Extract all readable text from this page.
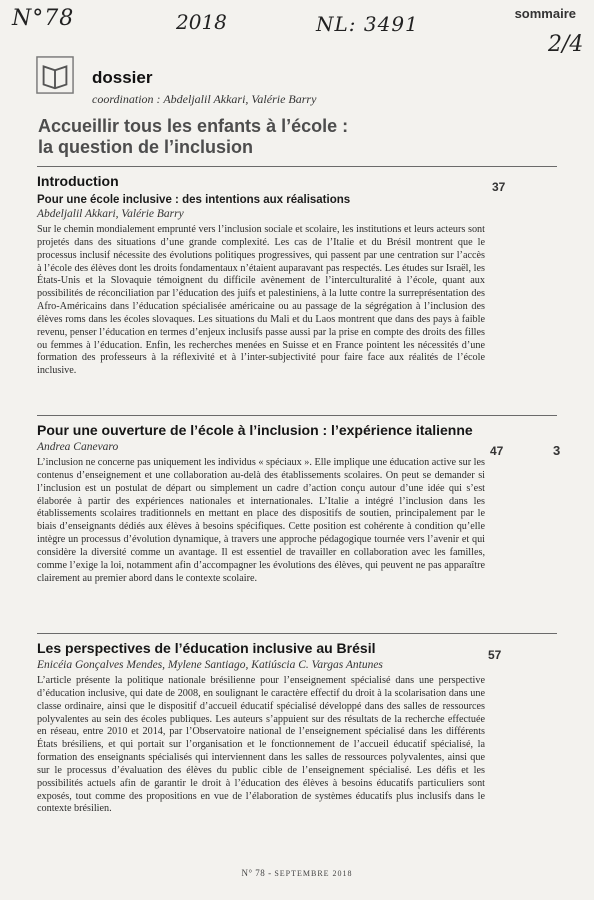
N°78	2018	NL: 3491
2/4
sommaire
dossier
coordination : Abdeljalil Akkari, Valérie Barry
Accueillir tous les enfants à l’école :
la question de l’inclusion
Introduction
Pour une école inclusive : des intentions aux réalisations
Abdeljalil Akkari, Valérie Barry
Sur le chemin mondialement emprunté vers l’inclusion sociale et scolaire, les institutions et leurs acteurs sont projetés dans des situations d’une grande complexité. Les cas de l’Italie et du Brésil montrent que le processus inclusif nécessite des évolutions politiques progressives, qui passent par une centration sur l’accès à l’école des élèves dont les droits fondamentaux n’étaient auparavant pas respectés. Les études sur Israël, les États-Unis et la Slovaquie témoignent du difficile avènement de l’interculturalité à l’école, quant aux possibilités de réconciliation par l’éducation des juifs et palestiniens, à la lutte contre la surreprésentation des Afro-Américains dans l’éducation spécialisée américaine ou au passage de la ségrégation à l’inclusion des élèves roms dans les écoles slovaques. Les situations du Mali et du Laos montrent que dans des pays à faible revenu, penser l’éducation en termes d’enjeux inclusifs passe aussi par la prise en compte des droits des filles ou femmes à l’éducation. Enfin, les recherches menées en Suisse et en France pointent les nécessités d’une formation des professeurs à la réflexivité et à l’inter-subjectivité pour faire face aux réalités de l’école inclusive.
37
Pour une ouverture de l’école à l’inclusion : l’expérience italienne
Andrea Canevaro
L’inclusion ne concerne pas uniquement les individus « spéciaux ». Elle implique une éducation active sur les contenus d’enseignement et une collaboration au-delà des établissements scolaires. On peut se demander si l’inclusion est un postulat de départ ou simplement un cadre d’action conçu autour d’une idée qui s’est élaborée à partir des expériences nationales et internationales. L’Italie a intégré l’inclusion dans les établissements scolaires traditionnels en mettant en place des dispositifs de soutien, principalement par le biais d’enseignants dédiés aux élèves à besoins spécifiques. Cette position est cohérente à condition qu’elle intègre un processus d’évolution dynamique, à travers une approche pédagogique tournée vers l’avenir et qui considère la diversité comme un avantage. Il est essentiel de travailler en collaboration avec les familles, comme l’exige la loi, notamment afin d’accompagner les évolutions des élèves, qui peuvent ne pas apparaître clairement au premier abord dans le contexte scolaire.
47	3
Les perspectives de l’éducation inclusive au Brésil
Enicéia Gonçalves Mendes, Mylene Santiago, Katiúscia C. Vargas Antunes
L’article présente la politique nationale brésilienne pour l’enseignement spécialisé dans une perspective d’éducation inclusive, qui date de 2008, en soulignant le caractère effectif du droit à la scolarisation dans une classe ordinaire, ainsi que le dispositif d’accueil éducatif spécialisé développé dans des salles de ressources polyvalentes au sein des écoles publiques. Les auteurs s’appuient sur des résultats de la recherche effectuée en réseau, entre 2010 et 2014, par l’Observatoire national de l’enseignement spécialisé dans les différents États brésiliens, et qui portait sur l’organisation et le fonctionnement de l’accueil éducatif spécialisé, la formation des enseignants spécialisés qui interviennent dans les salles de ressources polyvalentes, ainsi que sur le processus d’évaluation des élèves du public cible de l’enseignement spécialisé. Les défis et les possibilités actuels afin de garantir le droit à l’éducation des élèves à besoins éducatifs particuliers sont exposés, tout comme des propositions en vue de l’élaboration de systèmes éducatifs plus inclusifs dans le contexte brésilien.
57
N° 78 - SEPTEMBRE 2018
